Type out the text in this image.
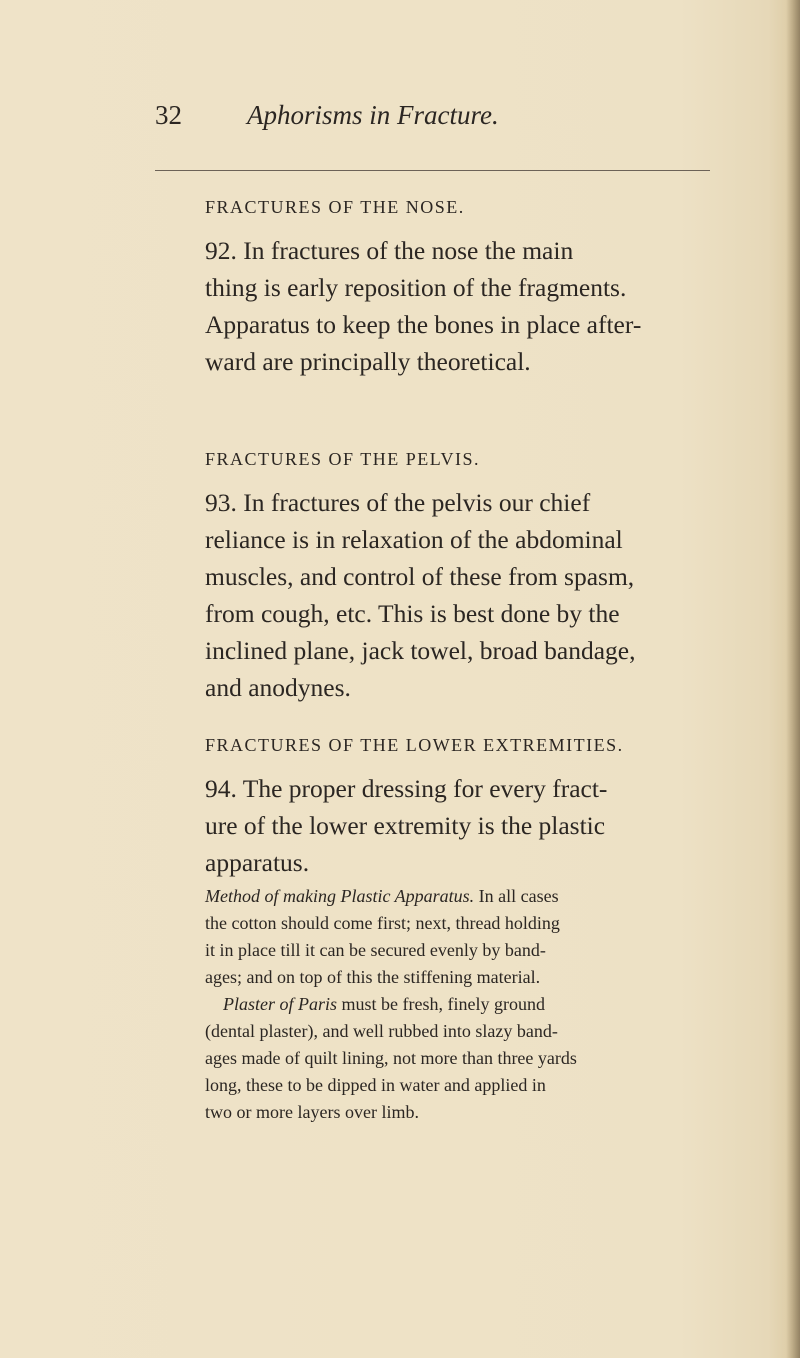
32 Aphorisms in Fracture.
FRACTURES OF THE NOSE.
92. In fractures of the nose the main
thing is early reposition of the fragments.
Apparatus to keep the bones in place after-
ward are principally theoretical.
FRACTURES OF THE PELVIS.
93. In fractures of the pelvis our chief
reliance is in relaxation of the abdominal
muscles, and control of these from spasm,
from cough, etc. This is best done by the
inclined plane, jack towel, broad bandage,
and anodynes.
FRACTURES OF THE LOWER EXTREMITIES.
94. The proper dressing for every fract-
ure of the lower extremity is the plastic
apparatus.
Method of making Plastic Apparatus. In all cases
the cotton should come first; next, thread holding
it in place till it can be secured evenly by band-
ages; and on top of this the stiffening material.
Plaster of Paris must be fresh, finely ground
(dental plaster), and well rubbed into slazy band-
ages made of quilt lining, not more than three yards
long, these to be dipped in water and applied in
two or more layers over limb.
